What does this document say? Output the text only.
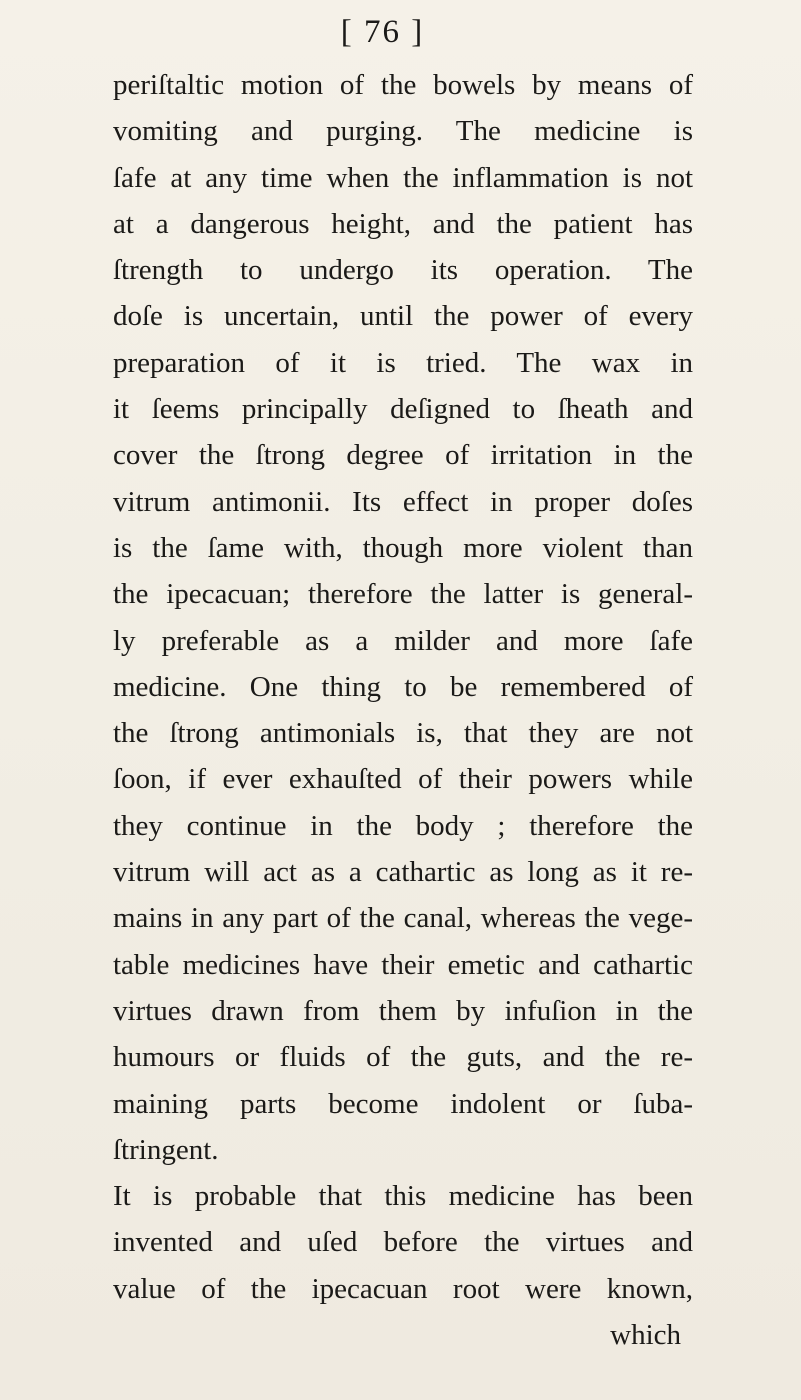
[ 76 ]
periſtaltic motion of the bowels by means of
vomiting and purging. The medicine is
ſafe at any time when the inflammation is not
at a dangerous height, and the patient has
ſtrength to undergo its operation. The
doſe is uncertain, until the power of every
preparation of it is tried. The wax in
it ſeems principally deſigned to ſheath and
cover the ſtrong degree of irritation in the
vitrum antimonii. Its effect in proper doſes
is the ſame with, though more violent than
the ipecacuan; therefore the latter is general-
ly preferable as a milder and more ſafe
medicine. One thing to be remembered of
the ſtrong antimonials is, that they are not
ſoon, if ever exhauſted of their powers while
they continue in the body ; therefore the
vitrum will act as a cathartic as long as it re-
mains in any part of the canal, whereas the vege-
table medicines have their emetic and cathartic
virtues drawn from them by infuſion in the
humours or fluids of the guts, and the re-
maining parts become indolent or ſuba-
ſtringent.
It is probable that this medicine has been
invented and uſed before the virtues and
value of the ipecacuan root were known,
which
